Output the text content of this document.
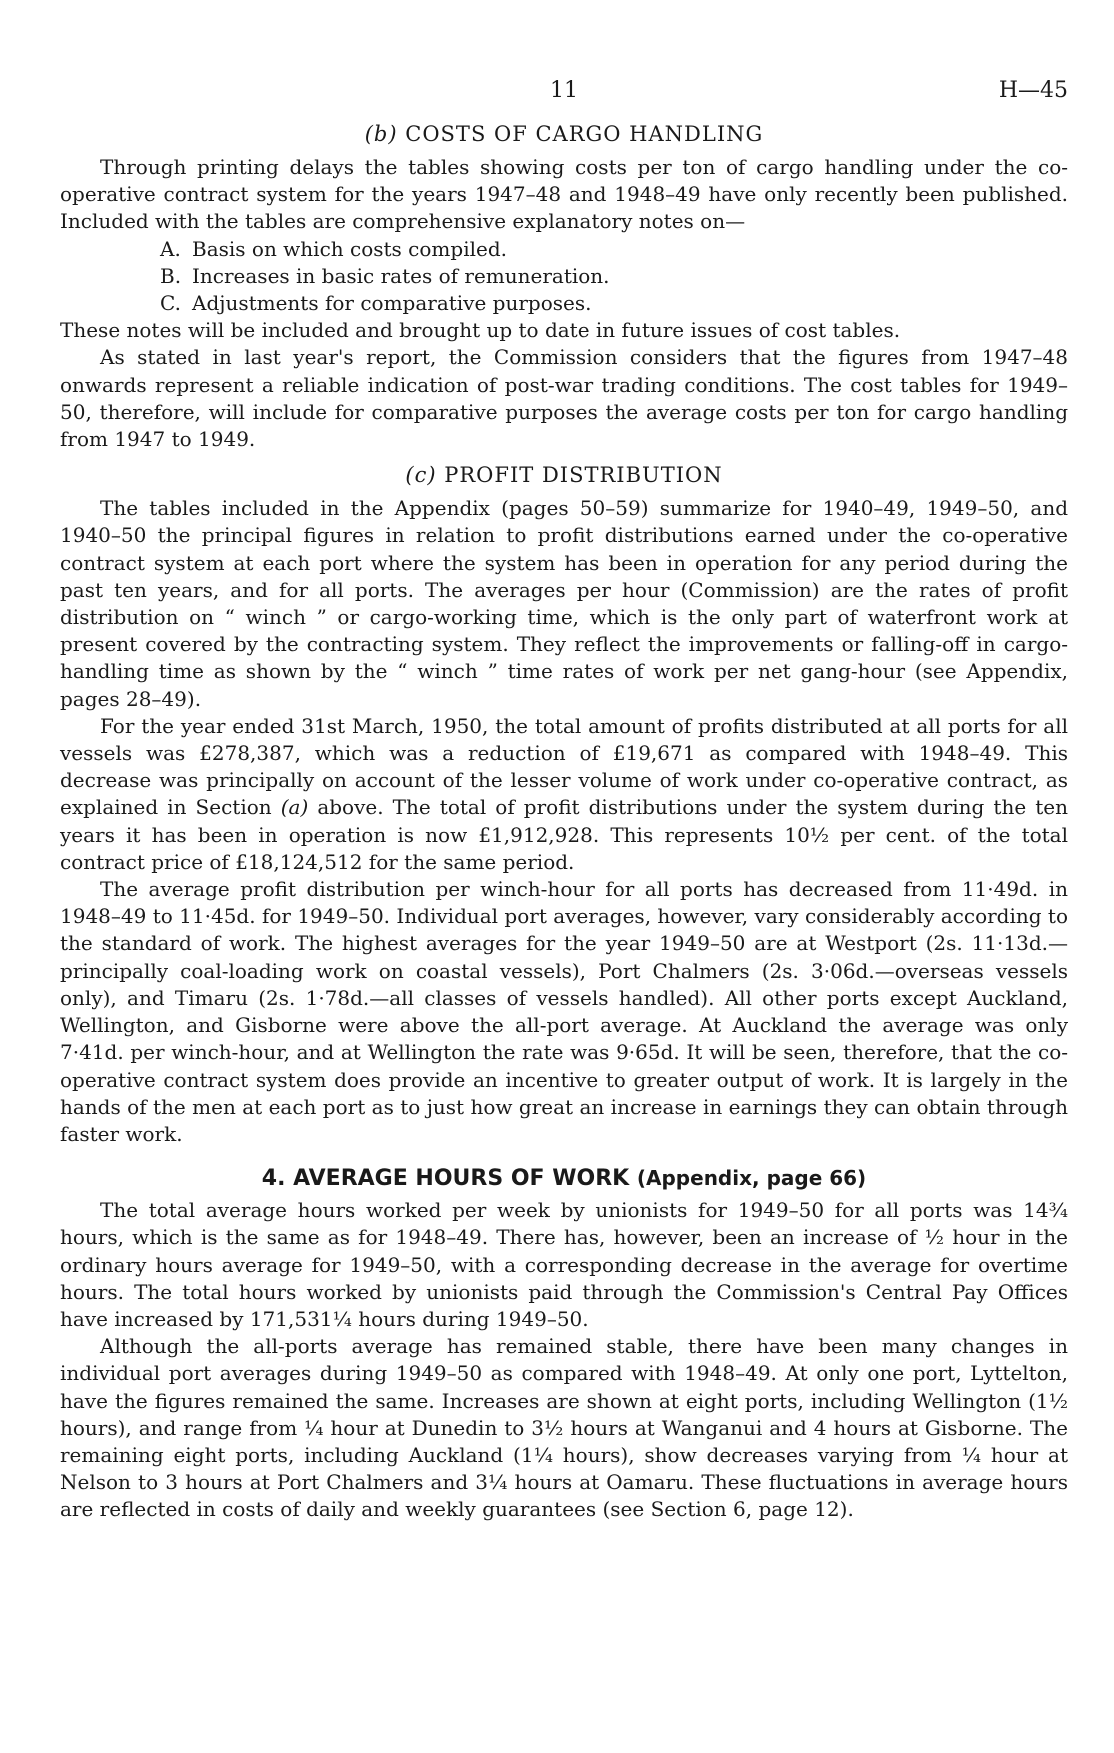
11	H—45
(b) COSTS OF CARGO HANDLING

Through printing delays the tables showing costs per ton of cargo handling under the co-operative contract system for the years 1947–48 and 1948–49 have only recently been published. Included with the tables are comprehensive explanatory notes on—

A. Basis on which costs compiled.
B. Increases in basic rates of remuneration.
C. Adjustments for comparative purposes.

These notes will be included and brought up to date in future issues of cost tables.

As stated in last year's report, the Commission considers that the figures from 1947–48 onwards represent a reliable indication of post-war trading conditions. The cost tables for 1949–50, therefore, will include for comparative purposes the average costs per ton for cargo handling from 1947 to 1949.

(c) PROFIT DISTRIBUTION

The tables included in the Appendix (pages 50–59) summarize for 1940–49, 1949–50, and 1940–50 the principal figures in relation to profit distributions earned under the co-operative contract system at each port where the system has been in operation for any period during the past ten years, and for all ports. The averages per hour (Commission) are the rates of profit distribution on “ winch ” or cargo-working time, which is the only part of waterfront work at present covered by the contracting system. They reflect the improvements or falling-off in cargo-handling time as shown by the “ winch ” time rates of work per net gang-hour (see Appendix, pages 28–49).

For the year ended 31st March, 1950, the total amount of profits distributed at all ports for all vessels was £278,387, which was a reduction of £19,671 as compared with 1948–49. This decrease was principally on account of the lesser volume of work under co-operative contract, as explained in Section (a) above. The total of profit distributions under the system during the ten years it has been in operation is now £1,912,928. This represents 10½ per cent. of the total contract price of £18,124,512 for the same period.

The average profit distribution per winch-hour for all ports has decreased from 11·49d. in 1948–49 to 11·45d. for 1949–50. Individual port averages, however, vary considerably according to the standard of work. The highest averages for the year 1949–50 are at Westport (2s. 11·13d.—principally coal-loading work on coastal vessels), Port Chalmers (2s. 3·06d.—overseas vessels only), and Timaru (2s. 1·78d.—all classes of vessels handled). All other ports except Auckland, Wellington, and Gisborne were above the all-port average. At Auckland the average was only 7·41d. per winch-hour, and at Wellington the rate was 9·65d. It will be seen, therefore, that the co-operative contract system does provide an incentive to greater output of work. It is largely in the hands of the men at each port as to just how great an increase in earnings they can obtain through faster work.

4. AVERAGE HOURS OF WORK (Appendix, page 66)

The total average hours worked per week by unionists for 1949–50 for all ports was 14¾ hours, which is the same as for 1948–49. There has, however, been an increase of ½ hour in the ordinary hours average for 1949–50, with a corresponding decrease in the average for overtime hours. The total hours worked by unionists paid through the Commission's Central Pay Offices have increased by 171,531¼ hours during 1949–50.

Although the all-ports average has remained stable, there have been many changes in individual port averages during 1949–50 as compared with 1948–49. At only one port, Lyttelton, have the figures remained the same. Increases are shown at eight ports, including Wellington (1½ hours), and range from ¼ hour at Dunedin to 3½ hours at Wanganui and 4 hours at Gisborne. The remaining eight ports, including Auckland (1¼ hours), show decreases varying from ¼ hour at Nelson to 3 hours at Port Chalmers and 3¼ hours at Oamaru. These fluctuations in average hours are reflected in costs of daily and weekly guarantees (see Section 6, page 12).
